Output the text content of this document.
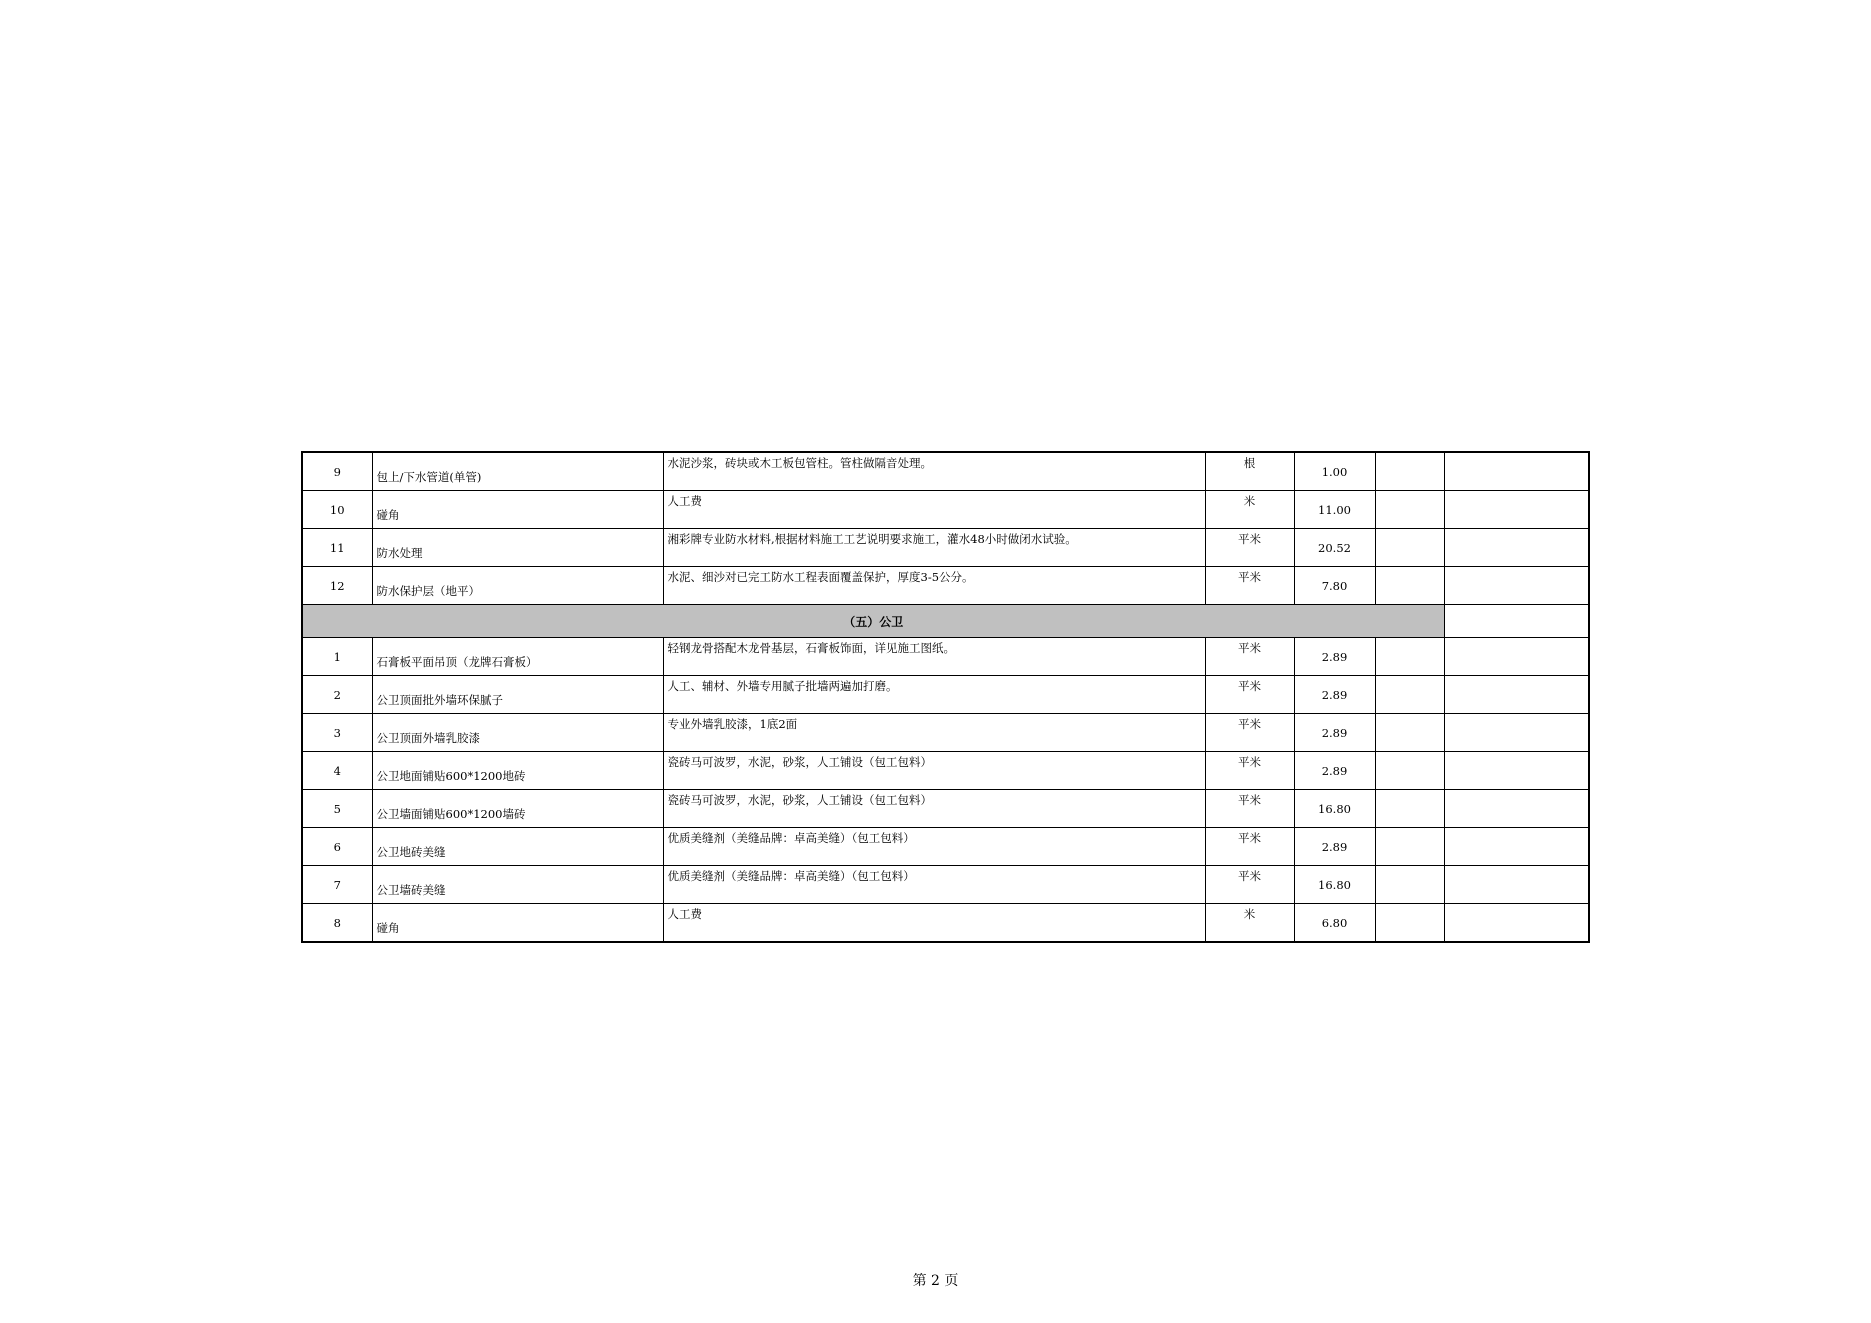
9	包上/下水管道(单管)	水泥沙浆，砖块或木工板包管柱。管柱做隔音处理。	根	1.00		
10	碰角	人工费	米	11.00		
11	防水处理	湘彩牌专业防水材料,根据材料施工工艺说明要求施工，灌水48小时做闭水试验。	平米	20.52		
12	防水保护层（地平）	水泥、细沙对已完工防水工程表面覆盖保护，厚度3-5公分。	平米	7.80		
（五）公卫						
1	石膏板平面吊顶（龙牌石膏板）	轻钢龙骨搭配木龙骨基层，石膏板饰面，详见施工图纸。	平米	2.89		
2	公卫顶面批外墙环保腻子	人工、辅材、外墙专用腻子批墙两遍加打磨。	平米	2.89		
3	公卫顶面外墙乳胶漆	专业外墙乳胶漆，1底2面	平米	2.89		
4	公卫地面铺贴600*1200地砖	瓷砖马可波罗，水泥，砂浆，人工铺设（包工包料）	平米	2.89		
5	公卫墙面铺贴600*1200墙砖	瓷砖马可波罗，水泥，砂浆，人工铺设（包工包料）	平米	16.80		
6	公卫地砖美缝	优质美缝剂（美缝品牌：卓高美缝）（包工包料）	平米	2.89		
7	公卫墙砖美缝	优质美缝剂（美缝品牌：卓高美缝）（包工包料）	平米	16.80		
8	碰角	人工费	米	6.80		
第 2 页
